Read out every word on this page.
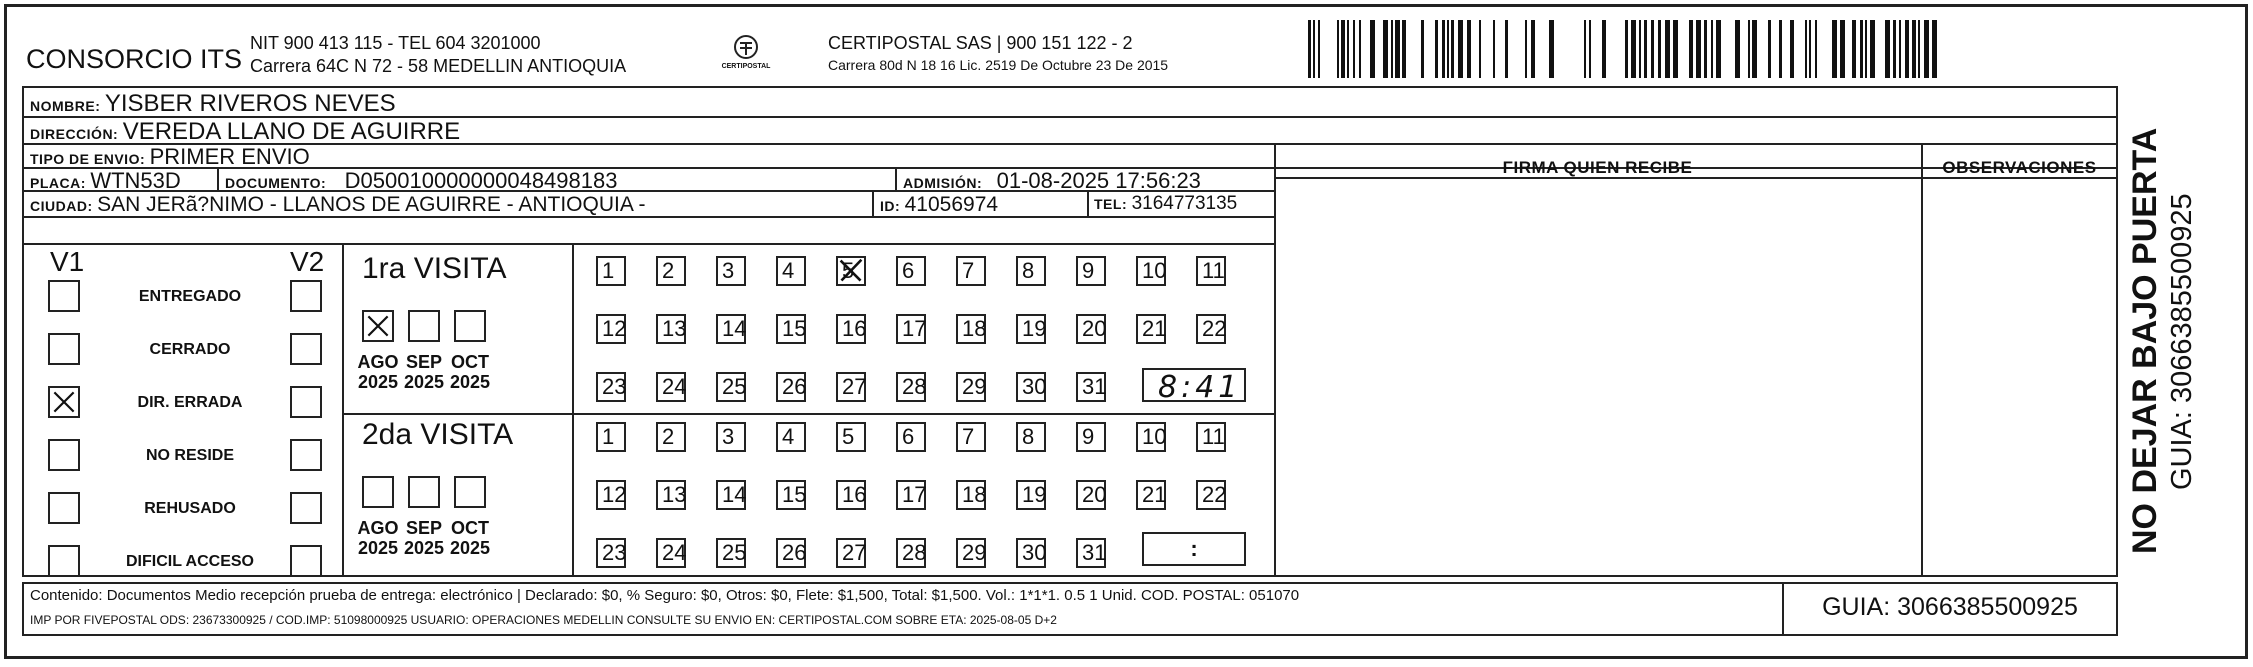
CONSORCIO ITS
NIT 900 413 115 - TEL 604 3201000
Carrera 64C N 72 - 58 MEDELLIN ANTIOQUIA	CERTIPOSTAL
CERTIPOSTAL SAS | 900 151 122 - 2
Carrera 80d N 18 16 Lic. 2519 De Octubre 23 De 2015
NOMBRE: YISBER RIVEROS NEVES
DIRECCIÓN: VEREDA LLANO DE AGUIRRE
TIPO DE ENVIO: PRIMER ENVIO	FIRMA QUIEN RECIBE	OBSERVACIONES
PLACA: WTN53D	DOCUMENTO: D050010000000048498183	ADMISIÓN: 01-08-2025 17:56:23
CIUDAD: SAN JERã?NIMO - LLANOS DE AGUIRRE - ANTIOQUIA -	ID: 41056974	TEL: 3164773135
V1	V2
ENTREGADO
CERRADO
DIR. ERRADA
NO RESIDE
REHUSADO
DIFICIL ACCESO
1ra VISITA
2da VISITA
AGO
2025
SEP
2025
OCT
2025
AGO
2025
SEP
2025
OCT
2025
1	2	3	4	5	6	7	8	9	10 11
12 13 14 15 16 17 18 19 20 21 22
23 24 25 26 27 28 29 30 31
1	2	3	4	5	6	7	8	9	10 11
12 13 14 15 16 17 18 19 20 21 22
23 24 25 26 27 28 29 30 31
8:41
:
Contenido: Documentos Medio recepción prueba de entrega: electrónico | Declarado: $0, % Seguro: $0, Otros: $0, Flete: $1,500, Total: $1,500. Vol.: 1*1*1. 0.5 1 Unid. COD. POSTAL: 051070
IMP POR FIVEPOSTAL ODS: 23673300925 / COD.IMP: 51098000925 USUARIO: OPERACIONES MEDELLIN CONSULTE SU ENVIO EN: CERTIPOSTAL.COM SOBRE ETA: 2025-08-05 D+2	GUIA: 3066385500925
NO DEJAR BAJO PUERTA GUIA: 3066385500925
